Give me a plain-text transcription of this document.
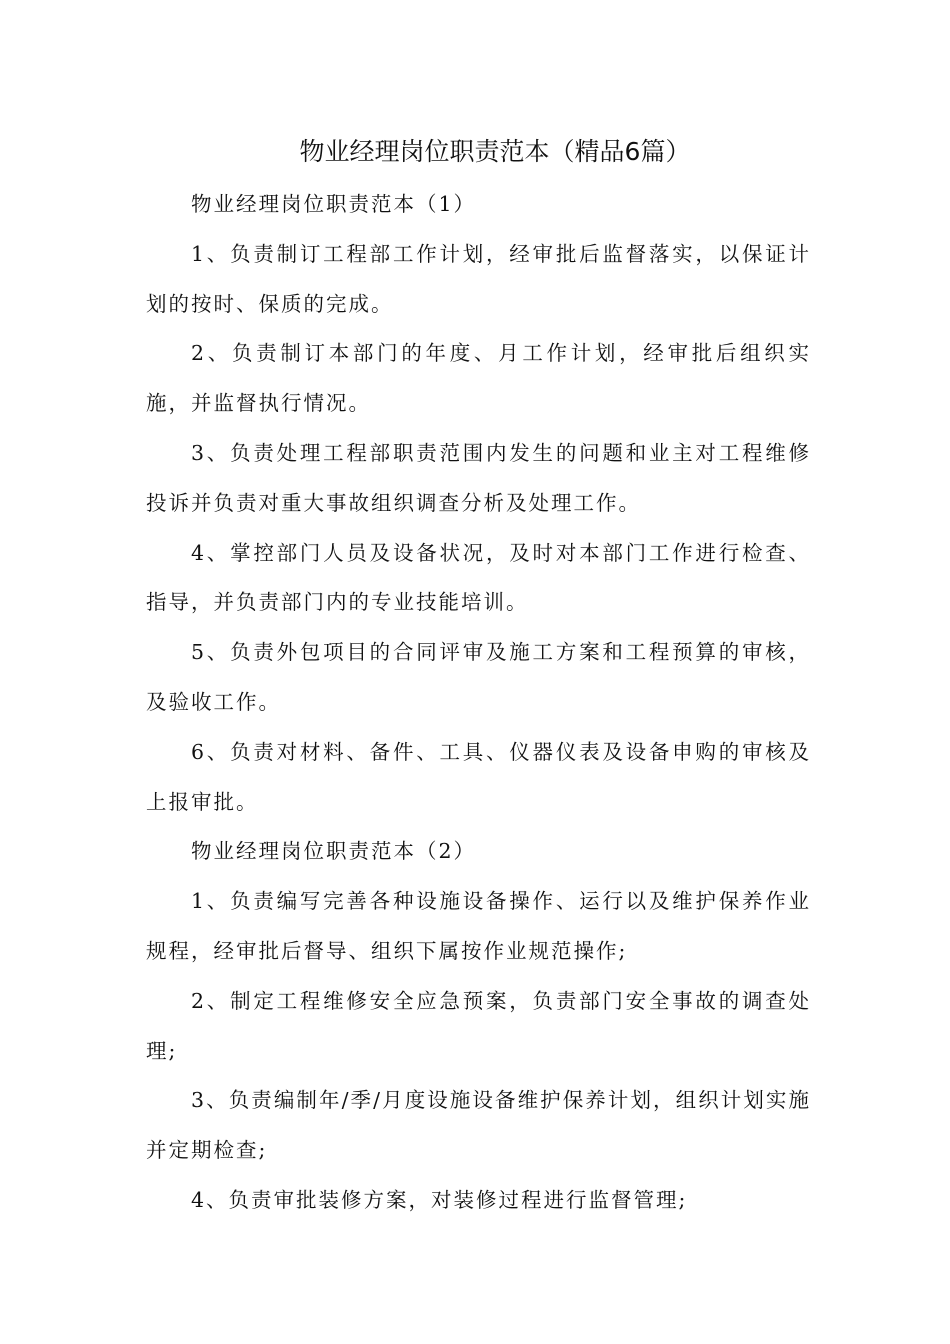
物业经理岗位职责范本（精品6篇）

物业经理岗位职责范本（1）

1、负责制订工程部工作计划，经审批后监督落实，以保证计划的按时、保质的完成。

2、负责制订本部门的年度、月工作计划，经审批后组织实施，并监督执行情况。

3、负责处理工程部职责范围内发生的问题和业主对工程维修投诉并负责对重大事故组织调查分析及处理工作。

4、掌控部门人员及设备状况，及时对本部门工作进行检查、指导，并负责部门内的专业技能培训。

5、负责外包项目的合同评审及施工方案和工程预算的审核，及验收工作。

6、负责对材料、备件、工具、仪器仪表及设备申购的审核及上报审批。

物业经理岗位职责范本（2）

1、负责编写完善各种设施设备操作、运行以及维护保养作业规程，经审批后督导、组织下属按作业规范操作;

2、制定工程维修安全应急预案，负责部门安全事故的调查处理;

3、负责编制年/季/月度设施设备维护保养计划，组织计划实施并定期检查;

4、负责审批装修方案，对装修过程进行监督管理;
